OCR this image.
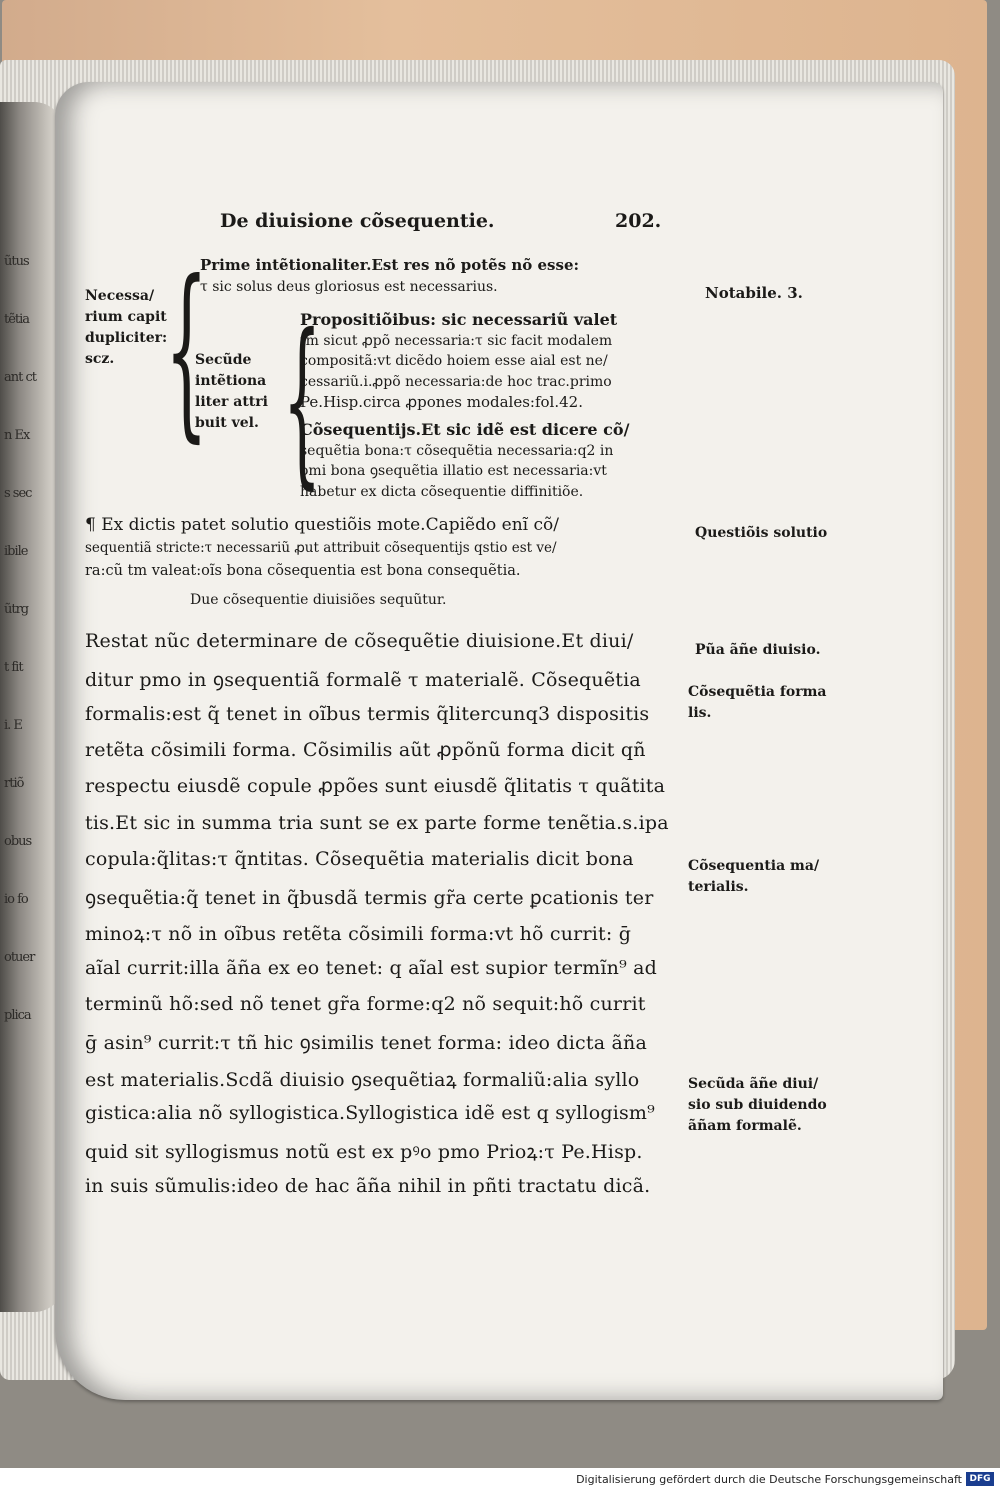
ũtus
tẽtia
ant ct
n Ex
s sec
ibile
ũtrg
t fit
i. E
rtiõ
obus
io fo
otuer
plica
De diuisione cõsequentie.	202.
Necessa/
rium capit
dupliciter:
scz. {
Prime intẽtionaliter.Est res nõ potẽs nõ esse:
τ sic solus deus gloriosus est necessarius.
Secũde
intẽtiona
liter attri
buit vel. {
Propositiõibus: sic necessariũ valet
tm sicut ꝓpõ necessaria:τ sic facit modalem
compositã:vt dicẽdo hoiem esse aial est ne/
cessariũ.i.ꝓpõ necessaria:de hoc trac.primo
Pe.Hisp.circa ꝓpones modales:fol.42.
Cõsequentijs.Et sic idẽ est dicere cõ/
sequẽtia bona:τ cõsequẽtia necessaria:q2 in
omi bona ꝯsequẽtia illatio est necessaria:vt
habetur ex dicta cõsequentie diffinitiõe.
¶ Ex dictis patet solutio questiõis mote.Capiẽdo enĩ cõ/
sequentiã stricte:τ necessariũ ꝓut attribuit cõsequentijs qstio est ve/
ra:cũ tm valeat:oĩs bona cõsequentia est bona consequẽtia.
Due cõsequentie diuisiões sequũtur.
Restat nũc determinare de cõsequẽtie diuisione.Et diui/
ditur pmo in ꝯsequentiã formalẽ τ materialẽ. Cõsequẽtia
formalis:est q̃ tenet in oĩbus termis q̃litercunq3 dispositis
retẽta cõsimili forma. Cõsimilis aũt ꝓpõnũ forma dicit qñ
respectu eiusdẽ copule ꝓpões sunt eiusdẽ q̃litatis τ quãtita
tis.Et sic in summa tria sunt se ex parte forme tenẽtia.s.ipa
copula:q̃litas:τ q̃ntitas. Cõsequẽtia materialis dicit bona
ꝯsequẽtia:q̃ tenet in q̃busdã termis gr̃a certe ꝑcationis ter
minoꝝ:τ nõ in oĩbus retẽta cõsimili forma:vt hõ currit: ḡ
aĩal currit:illa ãña ex eo tenet: q aĩal est supior termĩn⁹ ad
terminũ hõ:sed nõ tenet gr̃a forme:q2 nõ sequit:hõ currit
ḡ asin⁹ currit:τ tñ hic ꝯsimilis tenet forma: ideo dicta ãña
est materialis.Scdã diuisio ꝯsequẽtiaꝝ formaliũ:alia syllo
gistica:alia nõ syllogistica.Syllogistica idẽ est q syllogism⁹
quid sit syllogismus notũ est ex pꝰo pmo Prioꝝ:τ Pe.Hisp.
in suis sũmulis:ideo de hac ãña nihil in pñti tractatu dicã.
Notabile. 3.
Questiõis solutio
Pũa ãñe diuisio.
Cõsequẽtia forma
lis.
Cõsequentia ma/
terialis.
Secũda ãñe diui/
sio sub diuidendo
ãñam formalẽ.
Digitalisierung gefördert durch die Deutsche Forschungsgemeinschaft DFG
